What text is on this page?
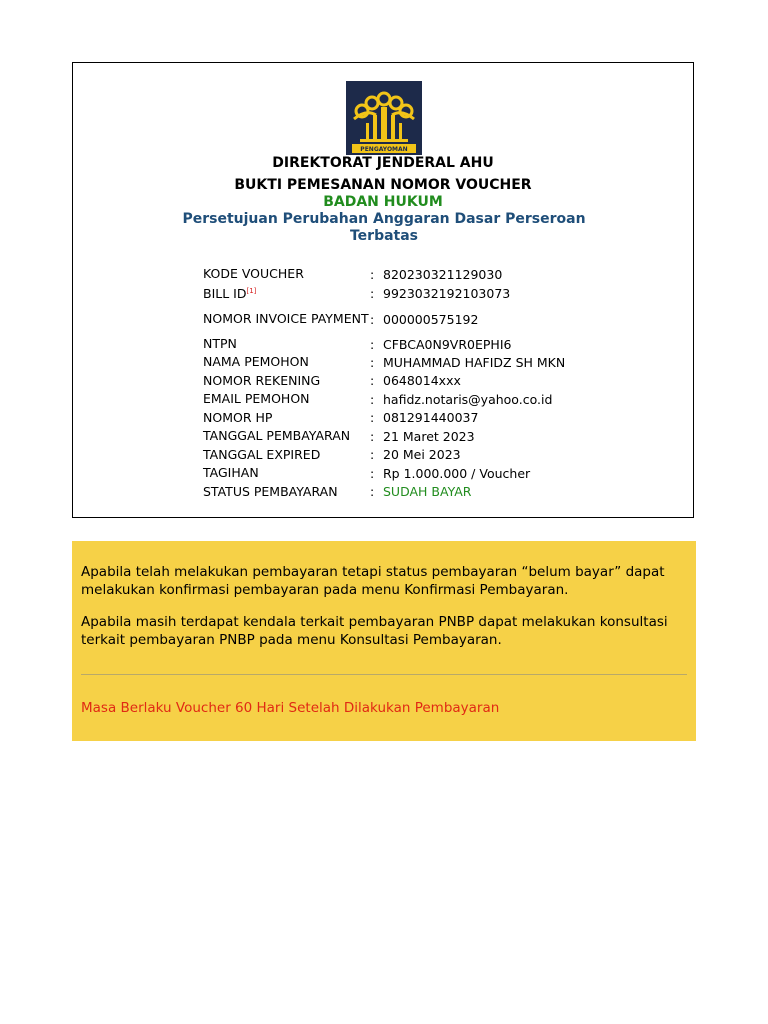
PENGAYOMAN
DIREKTORAT JENDERAL AHU
BUKTI PEMESANAN NOMOR VOUCHER
BADAN HUKUM
Persetujuan Perubahan Anggaran Dasar Perseroan Terbatas
KODE VOUCHER	: 820230321129030
BILL ID[1]	: 9923032192103073
NOMOR INVOICE PAYMENT : 000000575192
NTPN	: CFBCA0N9VR0EPHI6
NAMA PEMOHON	: MUHAMMAD HAFIDZ SH MKN
NOMOR REKENING	: 0648014xxx
EMAIL PEMOHON	: hafidz.notaris@yahoo.co.id
NOMOR HP	: 081291440037
TANGGAL PEMBAYARAN	: 21 Maret 2023
TANGGAL EXPIRED	: 20 Mei 2023
TAGIHAN	: Rp 1.000.000 / Voucher
STATUS PEMBAYARAN	: SUDAH BAYAR
Apabila telah melakukan pembayaran tetapi status pembayaran “belum bayar” dapat melakukan konfirmasi pembayaran pada menu Konfirmasi Pembayaran.
Apabila masih terdapat kendala terkait pembayaran PNBP dapat melakukan konsultasi terkait pembayaran PNBP pada menu Konsultasi Pembayaran.
Masa Berlaku Voucher 60 Hari Setelah Dilakukan Pembayaran
